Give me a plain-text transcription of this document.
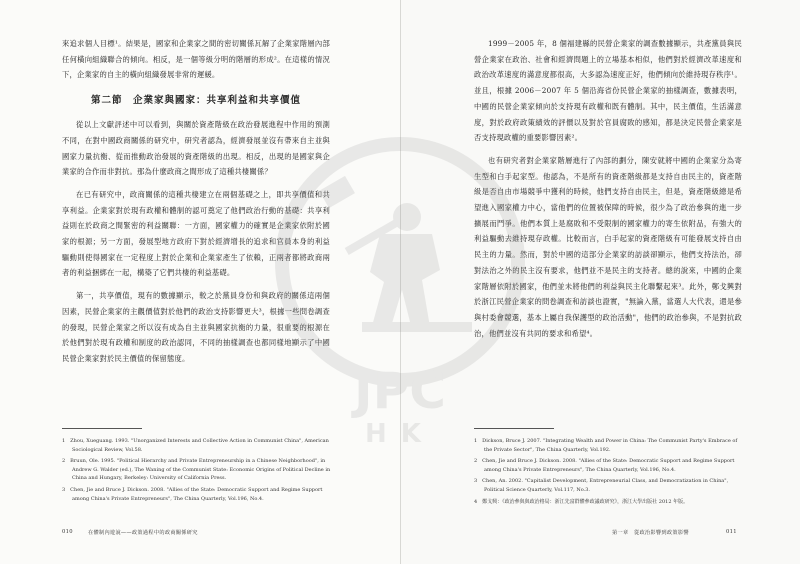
來追求個人目標¹。結果是，國家和企業家之間的密切關係瓦解了企業家階層內部任何橫向組織聯合的傾向。相反，是一個等級分明的階層的形成²。在這樣的情況下，企業家的自主的橫向組織發展非常的遲緩。

第二節　企業家與國家：共享利益和共享價值

從以上文獻評述中可以看到，與關於資產階級在政治發展進程中作用的預測不同，在對中國政商關係的研究中，研究者認為，經濟發展並沒有帶來自主並與國家力量抗衡、從而推動政治發展的資產階級的出現。相反，出現的是國家與企業家的合作而非對抗。那為什麼政商之間形成了這種共棲關係？

在已有研究中，政商關係的這種共棲建立在兩個基礎之上，即共享價值和共享利益。企業家對於現有政權和體制的認可奠定了他們政治行動的基礎：共享利益則在於政商之間緊密的利益關聯：一方面，國家權力的確實是企業家依附於國家的根源；另一方面，發展型地方政府下對於經濟增長的追求和官員本身的利益驅動則使得國家在一定程度上對於企業和企業家產生了依賴，正兩者都將政商兩者的利益捆綁在一起，構築了它們共棲的利益基礎。

第一，共享價值，現有的數據顯示，較之於黨員身份和與政府的關係這兩個因素，民營企業家的主觀價值對於他們的政治支持影響更大³，根據一些問卷調查的發現，民營企業家之所以沒有成為自主並與國家抗衡的力量，很重要的根源在於他們對於現有政權和制度的政治認同，不同的抽樣調查也都同樣地顯示了中國民營企業家對於民主價值的保留態度。

1　Zhou, Xueguang. 1993. "Unorganized Interests and Collective Action in Communist China", American Sociological Review, Vol.58.

2　Bruun, Ole. 1995. "Political Hierarchy and Private Entrepreneurship in a Chinese Neighborhood", in Andrew G. Walder (ed.), The Waning of the Communist State: Economic Origins of Political Decline in China and Hungary, Berkeley: University of California Press.

3　Chen, Jie and Bruce J. Dickson. 2008. "Allies of the State: Democratic Support and Regime Support among China's Private Entrepreneurs", The China Quarterly, Vol.196, No.4.

010	在體制內遊說——政策過程中的政商關係研究

1999－2005 年，8 個福建縣的民營企業家的調查數據顯示，共產黨員與民營企業家在政治、社會和經濟問題上的立場基本相似，他們對於經濟改革速度和政治改革速度的滿意度都很高，大多認為速度正好，他們傾向於維持現存秩序¹。並且，根據 2006－2007 年 5 個沿海省份民營企業家的抽樣調查，數據表明，中國的民營企業家傾向於支持現有政權和既有體制。其中，民主價值，生活滿意度，對於政府政策績效的評價以及對於官員腐敗的感知，都是決定民營企業家是否支持現政權的重要影響因素²。

也有研究者對企業家階層進行了內部的劃分，陳安就將中國的企業家分為寄生型和白手起家型。他認為，不是所有的資產階級都是支持自由民主的，資產階級是否自由市場競爭中獲利的時候，他們支持自由民主，但是，資產階級總是希望進入國家權力中心，當他們的位置被保障的時候，很少為了政治參與的進一步擴展而鬥爭。他們本質上是腐敗和不受限制的國家權力的寄生依附品，有強大的利益驅動去維持現存政權。比較而言，白手起家的資產階級有可能發展支持自由民主的力量。然而，對於中國的這部分企業家的訪談卻顯示，他們支持法治，卻對法治之外的民主沒有要求，他們並不是民主的支持者。總的說來，中國的企業家階層依附於國家，他們並未將他們的利益與民主化聯繫起來³。此外，鄭戈興對於浙江民營企業家的問卷調查和訪談也證實，"無論入黨，當選人大代表，還是參與村委會競選，基本上屬自我保護型的政治活動"，他們的政治參與，不是對抗政治，他們並沒有共同的要求和希望⁴。

1　Dickson, Bruce J. 2007. "Integrating Wealth and Power in China: The Communist Party's Embrace of the Private Sector", The China Quarterly, Vol.192.

2　Chen, Jie and Bruce J. Dickson. 2008. "Allies of the State: Democratic Support and Regime Support among China's Private Entrepreneurs", The China Quarterly, Vol.196, No.4.

3　Chen, An. 2002. "Capitalist Development, Entrepreneurial Class, and Democratization in China", Political Science Quarterly, Vol.117, No.3.

4　鄭戈興：《政治參與與政治格局：浙江先富群體參政議政研究》，浙江大學出版社 2012 年版。

第一章　從政治影響到政策影響	011
